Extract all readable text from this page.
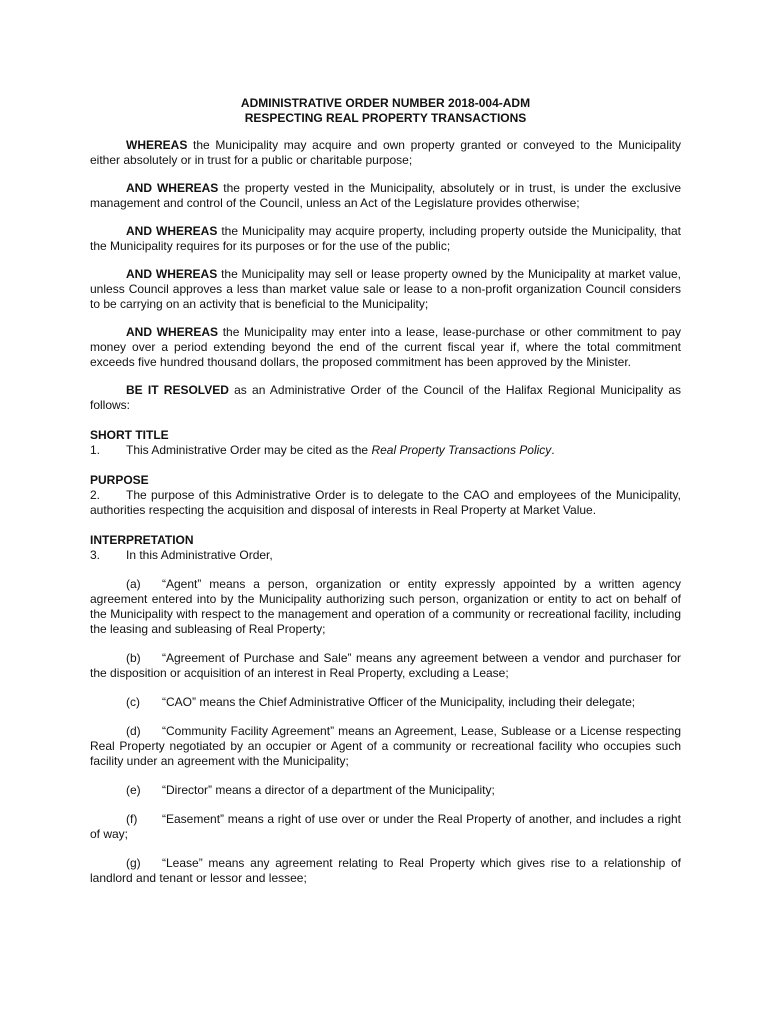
ADMINISTRATIVE ORDER NUMBER 2018-004-ADM
RESPECTING REAL PROPERTY TRANSACTIONS

WHEREAS the Municipality may acquire and own property granted or conveyed to the Municipality either absolutely or in trust for a public or charitable purpose;

AND WHEREAS the property vested in the Municipality, absolutely or in trust, is under the exclusive management and control of the Council, unless an Act of the Legislature provides otherwise;

AND WHEREAS the Municipality may acquire property, including property outside the Municipality, that the Municipality requires for its purposes or for the use of the public;

AND WHEREAS the Municipality may sell or lease property owned by the Municipality at market value, unless Council approves a less than market value sale or lease to a non-profit organization Council considers to be carrying on an activity that is beneficial to the Municipality;

AND WHEREAS the Municipality may enter into a lease, lease-purchase or other commitment to pay money over a period extending beyond the end of the current fiscal year if, where the total commitment exceeds five hundred thousand dollars, the proposed commitment has been approved by the Minister.

BE IT RESOLVED as an Administrative Order of the Council of the Halifax Regional Municipality as follows:

SHORT TITLE

1. This Administrative Order may be cited as the Real Property Transactions Policy.

PURPOSE

2. The purpose of this Administrative Order is to delegate to the CAO and employees of the Municipality, authorities respecting the acquisition and disposal of interests in Real Property at Market Value.

INTERPRETATION

3. In this Administrative Order,

(a) “Agent” means a person, organization or entity expressly appointed by a written agency agreement entered into by the Municipality authorizing such person, organization or entity to act on behalf of the Municipality with respect to the management and operation of a community or recreational facility, including the leasing and subleasing of Real Property;

(b) “Agreement of Purchase and Sale” means any agreement between a vendor and purchaser for the disposition or acquisition of an interest in Real Property, excluding a Lease;

(c) “CAO” means the Chief Administrative Officer of the Municipality, including their delegate;

(d) “Community Facility Agreement” means an Agreement, Lease, Sublease or a License respecting Real Property negotiated by an occupier or Agent of a community or recreational facility who occupies such facility under an agreement with the Municipality;

(e) “Director” means a director of a department of the Municipality;

(f) “Easement” means a right of use over or under the Real Property of another, and includes a right of way;

(g) “Lease” means any agreement relating to Real Property which gives rise to a relationship of landlord and tenant or lessor and lessee;
